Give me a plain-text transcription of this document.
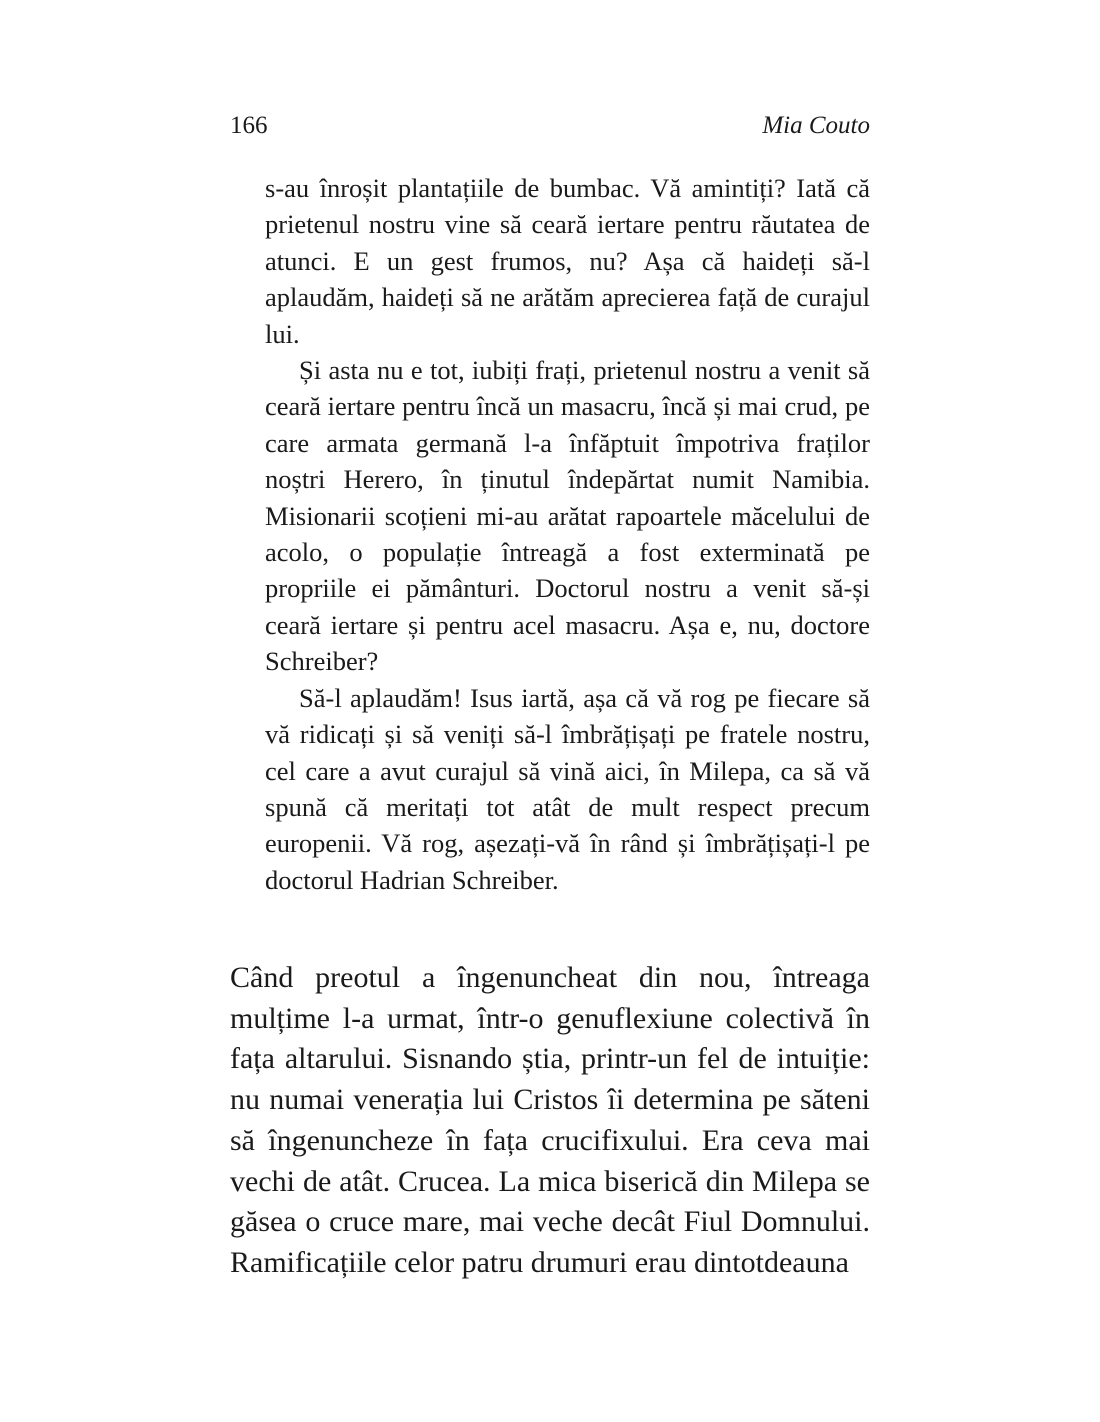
166	Mia Couto

s-au înroșit plantațiile de bumbac. Vă amintiți? Iată că prietenul nostru vine să ceară iertare pentru răutatea de atunci. E un gest frumos, nu? Așa că haideți să-l aplaudăm, haideți să ne arătăm aprecierea față de curajul lui.

Și asta nu e tot, iubiți frați, prietenul nostru a venit să ceară iertare pentru încă un masacru, încă și mai crud, pe care armata germană l-a înfăptuit împotriva fraților noștri Herero, în ținutul îndepărtat numit Namibia. Misionarii scoțieni mi-au arătat rapoartele măcelului de acolo, o populație întreagă a fost exterminată pe propriile ei pământuri. Doctorul nostru a venit să-și ceară iertare și pentru acel masacru. Așa e, nu, doctore Schreiber?

Să-l aplaudăm! Isus iartă, așa că vă rog pe fiecare să vă ridicați și să veniți să-l îmbrățișați pe fratele nostru, cel care a avut curajul să vină aici, în Milepa, ca să vă spună că meritați tot atât de mult respect precum europenii. Vă rog, așezați-vă în rând și îmbrățișați-l pe doctorul Hadrian Schreiber.

Când preotul a îngenuncheat din nou, întreaga mulțime l-a urmat, într-o genuflexiune colectivă în fața altarului. Sisnando știa, printr-un fel de intuiție: nu numai venerația lui Cristos îi determina pe săteni să îngenuncheze în fața crucifixului. Era ceva mai vechi de atât. Crucea. La mica biserică din Milepa se găsea o cruce mare, mai veche decât Fiul Domnului. Ramificațiile celor patru drumuri erau dintotdeauna
